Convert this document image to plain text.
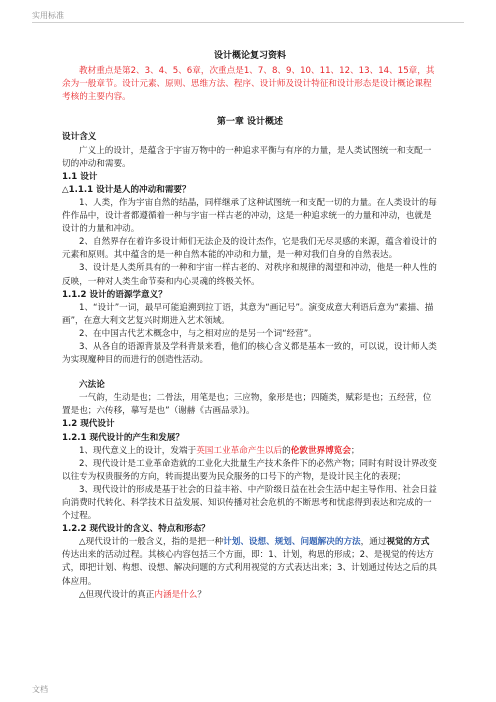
实用标准

设计概论复习资料

教材重点是第2、3、4、5、6章，次重点是1、7、8、9、10、11、12、13、14、15章，其余为一般章节。设计元素、原则、思维方法、程序、设计师及设计特征和设计形态是设计概论课程考核的主要内容。

第一章 设计概述

设计含义

广义上的设计，是蕴含于宇宙万物中的一种追求平衡与有序的力量，是人类试图统一和支配一切的冲动和需要。

1.1 设计

△1.1.1 设计是人的冲动和需要？

1、人类，作为宇宙自然的结晶，同样继承了这种试图统一和支配一切的力量。在人类设计的每件作品中，设计者都遵循着一种与宇宙一样古老的冲动，这是一种追求统一的力量和冲动，也就是设计的力量和冲动。

2、自然界存在着许多设计师们无法企及的设计杰作，它是我们无尽灵感的来源，蕴含着设计的元素和原则。其中蕴含的是一种自然本能的冲动和力量，是一种对我们自身的自然表达。

3、设计是人类所具有的一种和宇宙一样古老的、对秩序和规律的渴望和冲动，他是一种人性的反映，一种对人类生命节奏和内心灵魂的终极关怀。

1.1.2 设计的语源学意义？

1、“设计”一词，最早可能追溯到拉丁语，其意为“画记号”。演变成意大利语后意为“素描、描画”，在意大利文艺复兴时期进入艺术领域。

2、在中国古代艺术概念中，与之相对应的是另一个词“经营”。

3、从各自的语源背景及学科背景来看，他们的核心含义都是基本一致的，可以说，设计师人类为实现魔种目的而进行的创造性活动。

六法论

一气韵，生动是也；二骨法，用笔是也；三应物，象形是也；四随类，赋彩是也；五经营，位置是也；六传移，摹写是也”（谢赫《古画品录》)。

1.2 现代设计

1.2.1 现代设计的产生和发展？

1、现代意义上的设计，发端于英国工业革命产生以后的伦敦世界博览会；

2、现代设计是工业革命造就的工业化大批量生产技术条件下的必然产物；同时有时设计界改变以往专为权贵服务的方向，转而提出要为民众服务的口号下的产物，是设计民主化的表现；

3、现代设计的形成是基于社会的日益丰裕、中产阶级日益在社会生活中起主导作用、社会日益向消费时代转化、科学技术日益发展、知识传播对社会危机的不断思考和忧虑得到表达和完成的一个过程。

1.2.2 现代设计的含义、特点和形态？

△现代设计的一般含义，指的是把一种计划、设想、规划、问题解决的方法，通过视觉的方式传达出来的活动过程。其核心内容包括三个方面，即：1、计划，构思的形成；2、是视觉的传达方式，即把计划、构想、设想、解决问题的方式利用视觉的方式表达出来；3、计划通过传达之后的具体应用。

△但现代设计的真正内涵是什么？

文档
